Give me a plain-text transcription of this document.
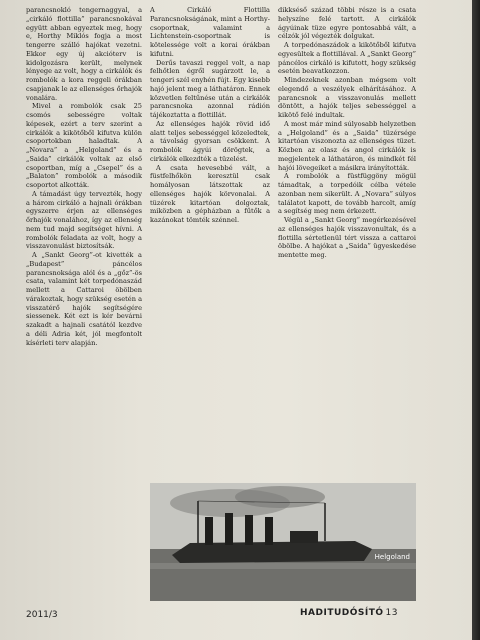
parancsnokló tengernaggyal, a „cirkáló flottilla” parancsnokával együtt abban egyeztek meg, hogy e, Horthy Miklós fogja a most tengerre szálló hajókat vezetni. Ekkor egy új akcióterv is kidolgozásra került, melynek lényege az volt, hogy a cirkálók és rombolók a kora reggeli órákban csapjanak le az ellenséges őrhajók vonalára.

Mivel a rombolók csak 25 csomós sebességre voltak képesek, ezért a terv szerint a cirkálók a kikötőből kifutva külön csoportokban haladtak. A „Novara” a „Helgoland” és a „Saida” cirkálók voltak az első csoportban, míg a „Csepel” és a „Balaton” rombolók a második csoportot alkották.

A támadást úgy tervezték, hogy a három cirkáló a hajnali órákban egyszerre érjen az ellenséges őrhajók vonalához, így az ellenség nem tud majd segítséget hívni. A rombolók feladata az volt, hogy a visszavonulást biztosítsák.

A „Sankt Georg”-ot kivették a „Budapest” páncélos parancsnoksága alól és a „gőz”-ös csata, valamint két torpedónaszád mellett a Cattaroi öbölben várakoztak, hogy szükség esetén a visszatérő hajók segítségére siessenek. Két ezt is kér bevárni szakadt a hajnali csatától kezdve a déli Adria két, jól megfontolt kísérleti terv alapján.

A Cirkáló Flottilla Parancsnokságának, mint a Horthy-csoportnak, valamint a Lichtenstein-csoportnak is kötelessége volt a korai órákban kifutni.

Derűs tavaszi reggel volt, a nap felhőtlen égről sugárzott le, a tengeri szél enyhén fújt. Egy kisebb hajó jelent meg a láthatáron. Ennek közvetlen feltűnése után a cirkálók parancsnoka azonnal rádión tájékoztatta a flottillát.

Az ellenséges hajók rövid idő alatt teljes sebességgel közeledtek, a távolság gyorsan csökkent. A rombolók ágyúi dörögtek, a cirkálók elkezdték a tüzelést.

A csata hevesebbé vált, a füstfelhőkön keresztül csak homályosan látszottak az ellenséges hajók körvonalai. A tüzérek kitartóan dolgoztak, miközben a gépházban a fűtők a kazánokat tömték szénnel.

dikkséső század többi része is a csata helyszíne felé tartott. A cirkálók ágyúinak tüze egyre pontosabbá vált, a célzók jól végezték dolgukat.

A torpedónaszádok a kikötőből kifutva egyesültek a flottillával. A „Sankt Georg” páncélos cirkáló is kifutott, hogy szükség esetén beavatkozzon.

Mindezeknek azonban mégsem volt elegendő a veszélyek elhárításához. A parancsnok a visszavonulás mellett döntött, a hajók teljes sebességgel a kikötő felé indultak.

A most már mind súlyosabb helyzetben a „Helgoland” és a „Saida” tüzérsége kitartóan viszonozta az ellenséges tüzet. Közben az olasz és angol cirkálók is megjelentek a láthatáron, és mindkét fél hajói lövegeiket a másikra irányították.

A rombolók a füstfüggöny mögül támadtak, a torpedóik célba vétele azonban nem sikerült. A „Novara” súlyos találatot kapott, de tovább harcolt, amíg a segítség meg nem érkezett.

Végül a „Sankt Georg” megérkezésével az ellenséges hajók visszavonultak, és a flottilla sértetlenül tért vissza a cattaroi öbölbe. A hajókat a „Saida” ügyeskedése mentette meg.

Helgoland
2011/3	HADITUDÓSÍTÓ 13
